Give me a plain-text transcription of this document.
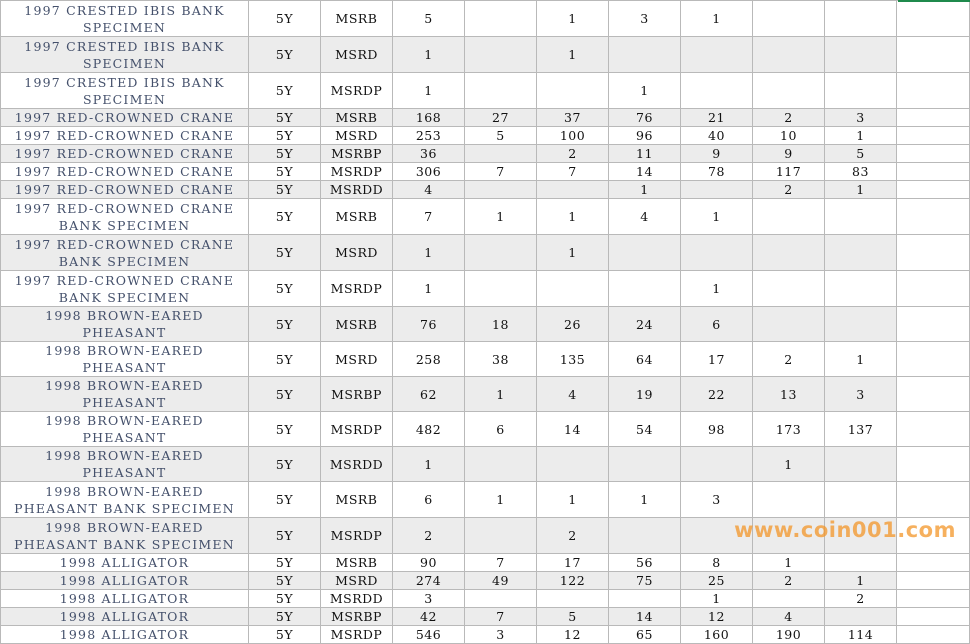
1997 CRESTED IBIS BANK SPECIMEN	5Y	MSRB	5		1	3	1			
1997 CRESTED IBIS BANK SPECIMEN	5Y	MSRD	1		1					
1997 CRESTED IBIS BANK SPECIMEN	5Y	MSRDP	1			1				
1997 RED-CROWNED CRANE	5Y	MSRB	168	27	37	76	21	2	3	
1997 RED-CROWNED CRANE	5Y	MSRD	253	5	100	96	40	10	1	
1997 RED-CROWNED CRANE	5Y	MSRBP	36		2	11	9	9	5	
1997 RED-CROWNED CRANE	5Y	MSRDP	306	7	7	14	78	117	83	
1997 RED-CROWNED CRANE	5Y	MSRDD	4			1		2	1	
1997 RED-CROWNED CRANE BANK SPECIMEN	5Y	MSRB	7	1	1	4	1			
1997 RED-CROWNED CRANE BANK SPECIMEN	5Y	MSRD	1		1					
1997 RED-CROWNED CRANE BANK SPECIMEN	5Y	MSRDP	1				1			
1998 BROWN-EARED PHEASANT	5Y	MSRB	76	18	26	24	6			
1998 BROWN-EARED PHEASANT	5Y	MSRD	258	38	135	64	17	2	1	
1998 BROWN-EARED PHEASANT	5Y	MSRBP	62	1	4	19	22	13	3	
1998 BROWN-EARED PHEASANT	5Y	MSRDP	482	6	14	54	98	173	137	
1998 BROWN-EARED PHEASANT	5Y	MSRDD	1					1		
1998 BROWN-EARED PHEASANT BANK SPECIMEN	5Y	MSRB	6	1	1	1	3			
1998 BROWN-EARED PHEASANT BANK SPECIMEN	5Y	MSRDP	2		2					
1998 ALLIGATOR	5Y	MSRB	90	7	17	56	8	1		
1998 ALLIGATOR	5Y	MSRD	274	49	122	75	25	2	1	
1998 ALLIGATOR	5Y	MSRDD	3				1		2	
1998 ALLIGATOR	5Y	MSRBP	42	7	5	14	12	4		
1998 ALLIGATOR	5Y	MSRDP	546	3	12	65	160	190	114	
www.coin001.com
